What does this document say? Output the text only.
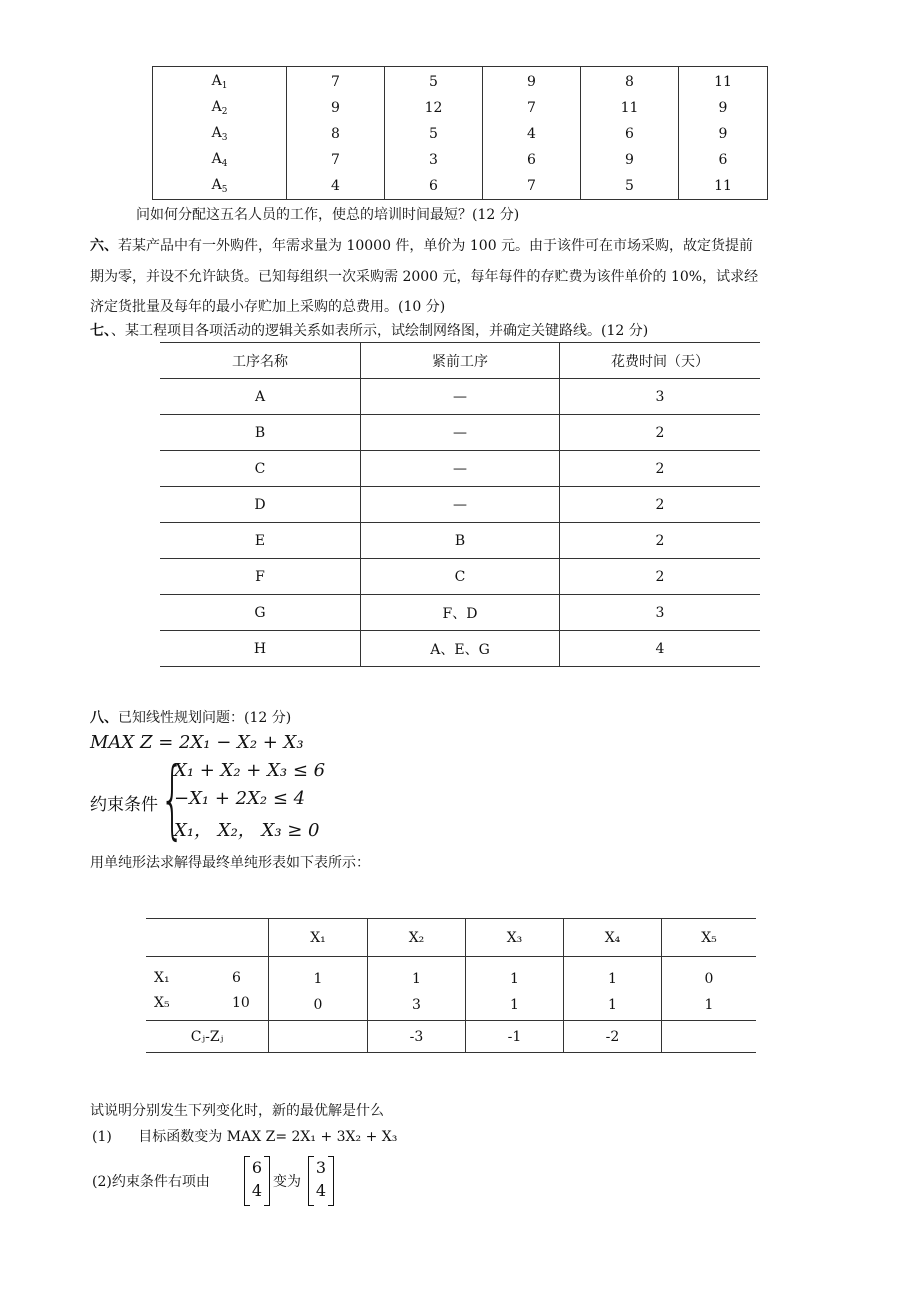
$A_1$	7	5	9	8	11
$A_2$	9	12	7	11	9
$A_3$	8	5	4	6	9
$A_4$	7	3	6	9	6
$A_5$	4	6	7	5	11
问如何分配这五名人员的工作，使总的培训时间最短？(12 分)
六、若某产品中有一外购件，年需求量为 10000 件，单价为 100 元。由于该件可在市场采购，故定货提前
期为零，并设不允许缺货。已知每组织一次采购需 2000 元，每年每件的存贮费为该件单价的 10%，试求经
济定货批量及每年的最小存贮加上采购的总费用。(10 分)
七、、某工程项目各项活动的逻辑关系如表所示，试绘制网络图，并确定关键路线。(12 分)
工序名称	紧前工序	花费时间（天）
A	—	3
B	—	2
C	—	2
D	—	2
E	B	2
F	C	2
G	F、D	3
H	A、E、G	4
八、已知线性规划问题：(12 分)
MAX Z = 2X₁ − X₂ + X₃
约束条件 {
X₁ + X₂ + X₃ ≤ 6
−X₁ + 2X₂ ≤ 4
X₁， X₂， X₃ ≥ 0
用单纯形法求解得最终单纯形表如下表所示：
	X₁	X₂	X₃	X₄	X₅

X₁ 6	1	1	1	1	0

X₅ 10	0	3	1	1	1
Cⱼ-Zⱼ		-3	-1	-2	
试说明分别发生下列变化时，新的最优解是什么
(1) 目标函数变为 MAX Z= 2X₁ + 3X₂ + X₃
(2)约束条件右项由
6
4 变为
3
4
